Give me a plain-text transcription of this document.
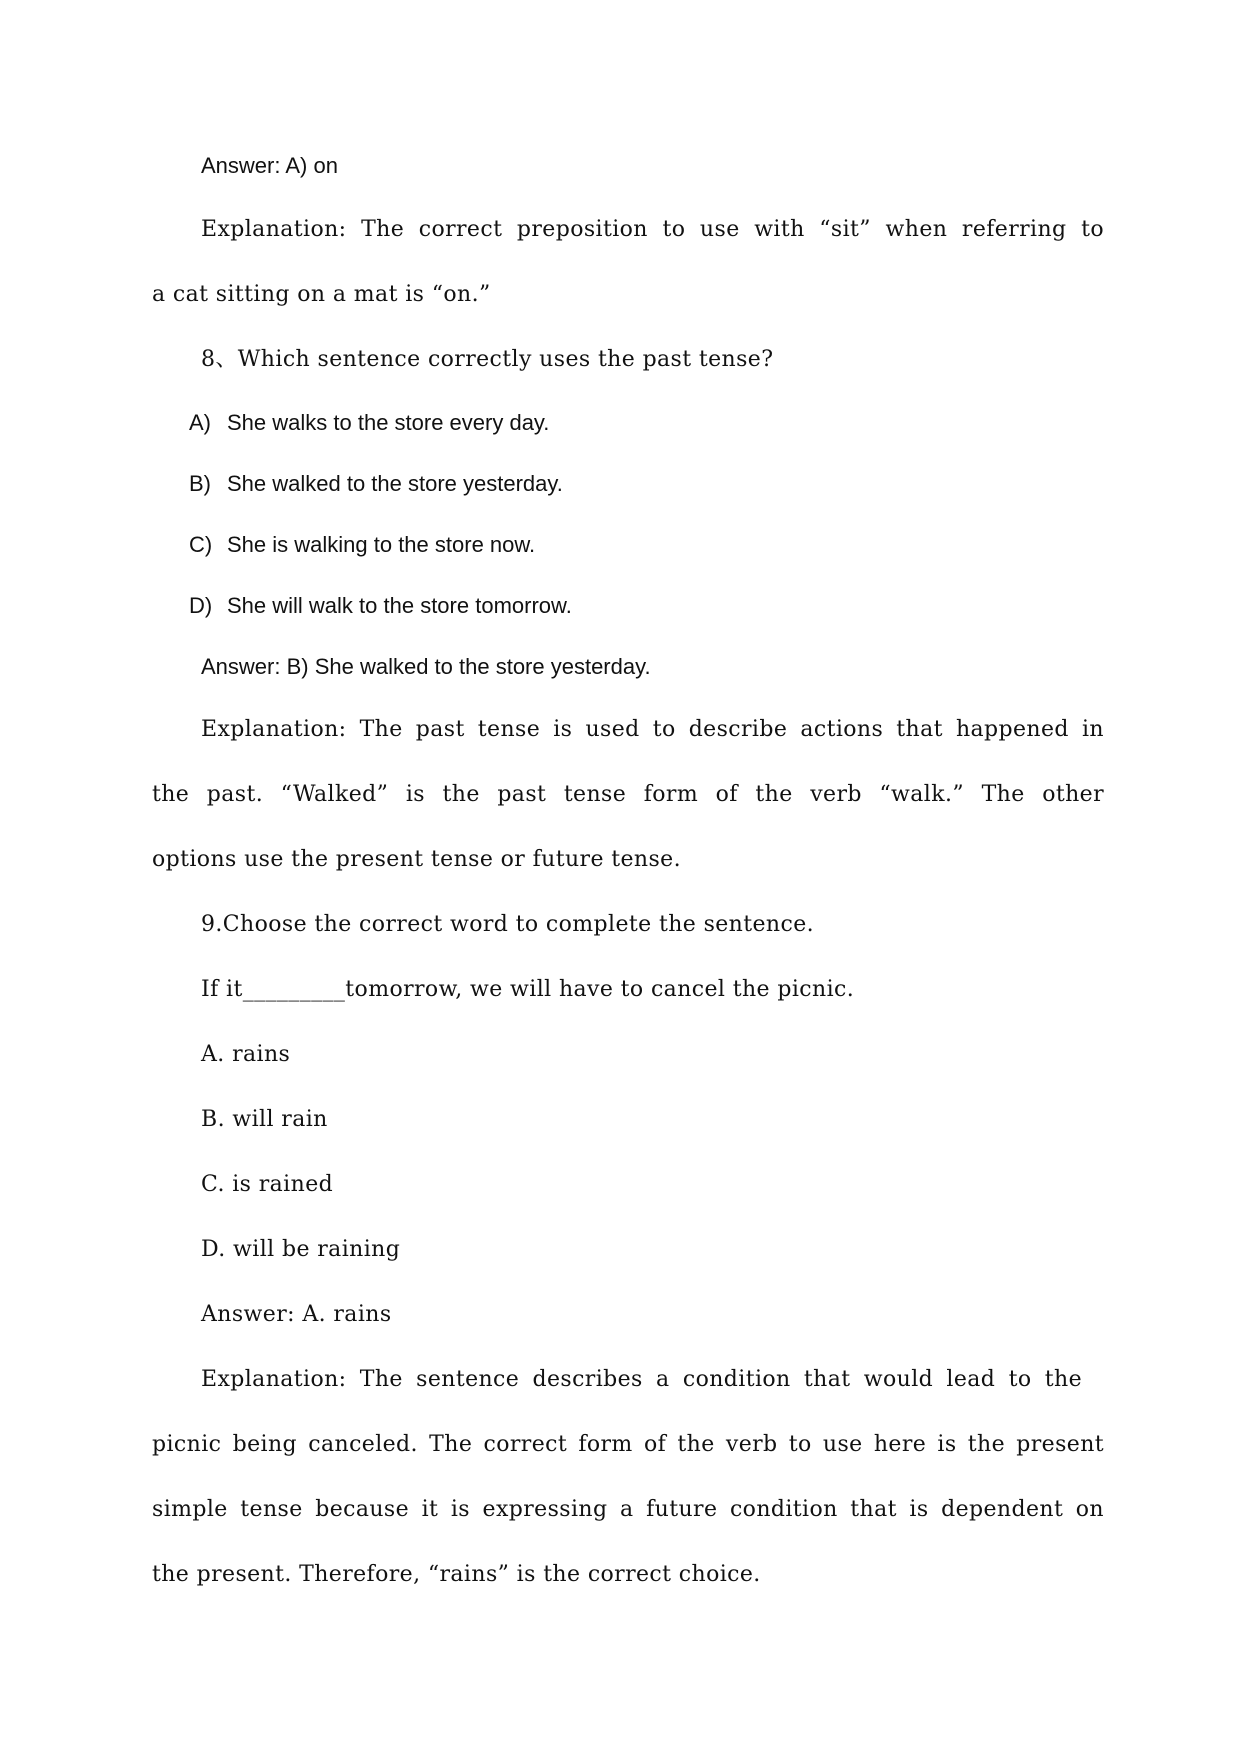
Answer: A) on

Explanation: The correct preposition to use with “sit” when referring to

a cat sitting on a mat is “on.”

8、Which sentence correctly uses the past tense?

A) She walks to the store every day.
B) She walked to the store yesterday.
C) She is walking to the store now.
D) She will walk to the store tomorrow.

Answer: B) She walked to the store yesterday.

Explanation: The past tense is used to describe actions that happened in

the past. “Walked” is the past tense form of the verb “walk.” The other

options use the present tense or future tense.

9.Choose the correct word to complete the sentence.

If it_________tomorrow, we will have to cancel the picnic.

A. rains

B. will rain

C. is rained

D. will be raining

Answer: A. rains

Explanation: The sentence describes a condition that would lead to the

picnic being canceled. The correct form of the verb to use here is the present

simple tense because it is expressing a future condition that is dependent on

the present. Therefore, “rains” is the correct choice.
